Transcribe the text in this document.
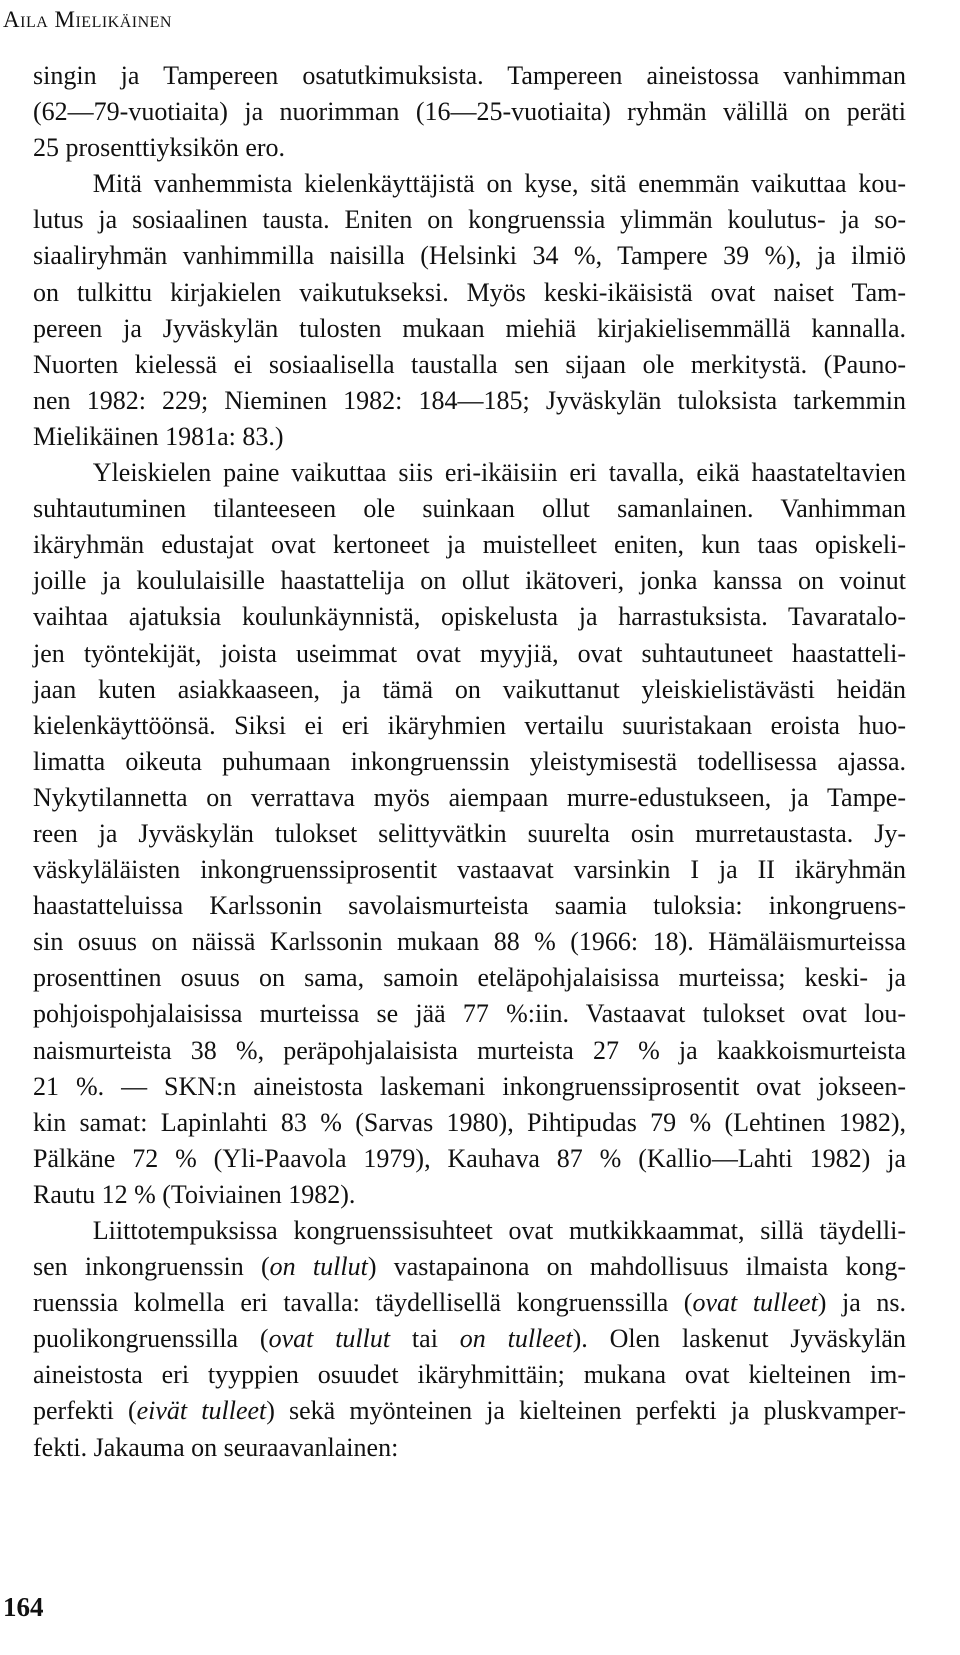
Aila Mielikäinen
singin ja Tampereen osatutkimuksista. Tampereen aineistossa vanhimman
(62—79-vuotiaita) ja nuorimman (16—25-vuotiaita) ryhmän välillä on peräti
25 prosenttiyksikön ero.
Mitä vanhemmista kielenkäyttäjistä on kyse, sitä enemmän vaikuttaa kou-
lutus ja sosiaalinen tausta. Eniten on kongruenssia ylimmän koulutus- ja so-
siaaliryhmän vanhimmilla naisilla (Helsinki 34 %, Tampere 39 %), ja ilmiö
on tulkittu kirjakielen vaikutukseksi. Myös keski-ikäisistä ovat naiset Tam-
pereen ja Jyväskylän tulosten mukaan miehiä kirjakielisemmällä kannalla.
Nuorten kielessä ei sosiaalisella taustalla sen sijaan ole merkitystä. (Pauno-
nen 1982: 229; Nieminen 1982: 184—185; Jyväskylän tuloksista tarkemmin
Mielikäinen 1981a: 83.)
Yleiskielen paine vaikuttaa siis eri-ikäisiin eri tavalla, eikä haastateltavien
suhtautuminen tilanteeseen ole suinkaan ollut samanlainen. Vanhimman
ikäryhmän edustajat ovat kertoneet ja muistelleet eniten, kun taas opiskeli-
joille ja koululaisille haastattelija on ollut ikätoveri, jonka kanssa on voinut
vaihtaa ajatuksia koulunkäynnistä, opiskelusta ja harrastuksista. Tavaratalo-
jen työntekijät, joista useimmat ovat myyjiä, ovat suhtautuneet haastatteli-
jaan kuten asiakkaaseen, ja tämä on vaikuttanut yleiskielistävästi heidän
kielenkäyttöönsä. Siksi ei eri ikäryhmien vertailu suuristakaan eroista huo-
limatta oikeuta puhumaan inkongruenssin yleistymisestä todellisessa ajassa.
Nykytilannetta on verrattava myös aiempaan murre-edustukseen, ja Tampe-
reen ja Jyväskylän tulokset selittyvätkin suurelta osin murretaustasta. Jy-
väskyläläisten inkongruenssiprosentit vastaavat varsinkin I ja II ikäryhmän
haastatteluissa Karlssonin savolaismurteista saamia tuloksia: inkongruens-
sin osuus on näissä Karlssonin mukaan 88 % (1966: 18). Hämäläismurteissa
prosenttinen osuus on sama, samoin eteläpohjalaisissa murteissa; keski- ja
pohjoispohjalaisissa murteissa se jää 77 %:iin. Vastaavat tulokset ovat lou-
naismurteista 38 %, peräpohjalaisista murteista 27 % ja kaakkoismurteista
21 %. — SKN:n aineistosta laskemani inkongruenssiprosentit ovat jokseen-
kin samat: Lapinlahti 83 % (Sarvas 1980), Pihtipudas 79 % (Lehtinen 1982),
Pälkäne 72 % (Yli-Paavola 1979), Kauhava 87 % (Kallio—Lahti 1982) ja
Rautu 12 % (Toiviainen 1982).
Liittotempuksissa kongruenssisuhteet ovat mutkikkaammat, sillä täydelli-
sen inkongruenssin (on tullut) vastapainona on mahdollisuus ilmaista kong-
ruenssia kolmella eri tavalla: täydellisellä kongruenssilla (ovat tulleet) ja ns.
puolikongruenssilla (ovat tullut tai on tulleet). Olen laskenut Jyväskylän
aineistosta eri tyyppien osuudet ikäryhmittäin; mukana ovat kielteinen im-
perfekti (eivät tulleet) sekä myönteinen ja kielteinen perfekti ja pluskvamper-
fekti. Jakauma on seuraavanlainen:
164
